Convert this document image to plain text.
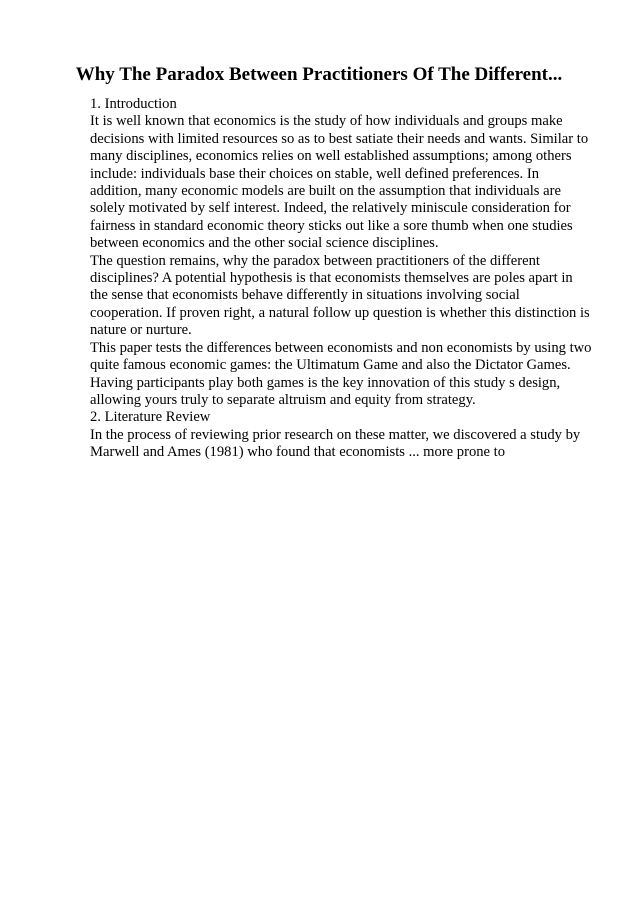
Why The Paradox Between Practitioners Of The Different...
1. Introduction
It is well known that economics is the study of how individuals and groups make
decisions with limited resources so as to best satiate their needs and wants. Similar to
many disciplines, economics relies on well established assumptions; among others
include: individuals base their choices on stable, well defined preferences. In
addition, many economic models are built on the assumption that individuals are
solely motivated by self interest. Indeed, the relatively miniscule consideration for
fairness in standard economic theory sticks out like a sore thumb when one studies
between economics and the other social science disciplines.
The question remains, why the paradox between practitioners of the different
disciplines? A potential hypothesis is that economists themselves are poles apart in
the sense that economists behave differently in situations involving social
cooperation. If proven right, a natural follow up question is whether this distinction is
nature or nurture.
This paper tests the differences between economists and non economists by using two
quite famous economic games: the Ultimatum Game and also the Dictator Games.
Having participants play both games is the key innovation of this study s design,
allowing yours truly to separate altruism and equity from strategy.
2. Literature Review
In the process of reviewing prior research on these matter, we discovered a study by
Marwell and Ames (1981) who found that economists ... more prone to
